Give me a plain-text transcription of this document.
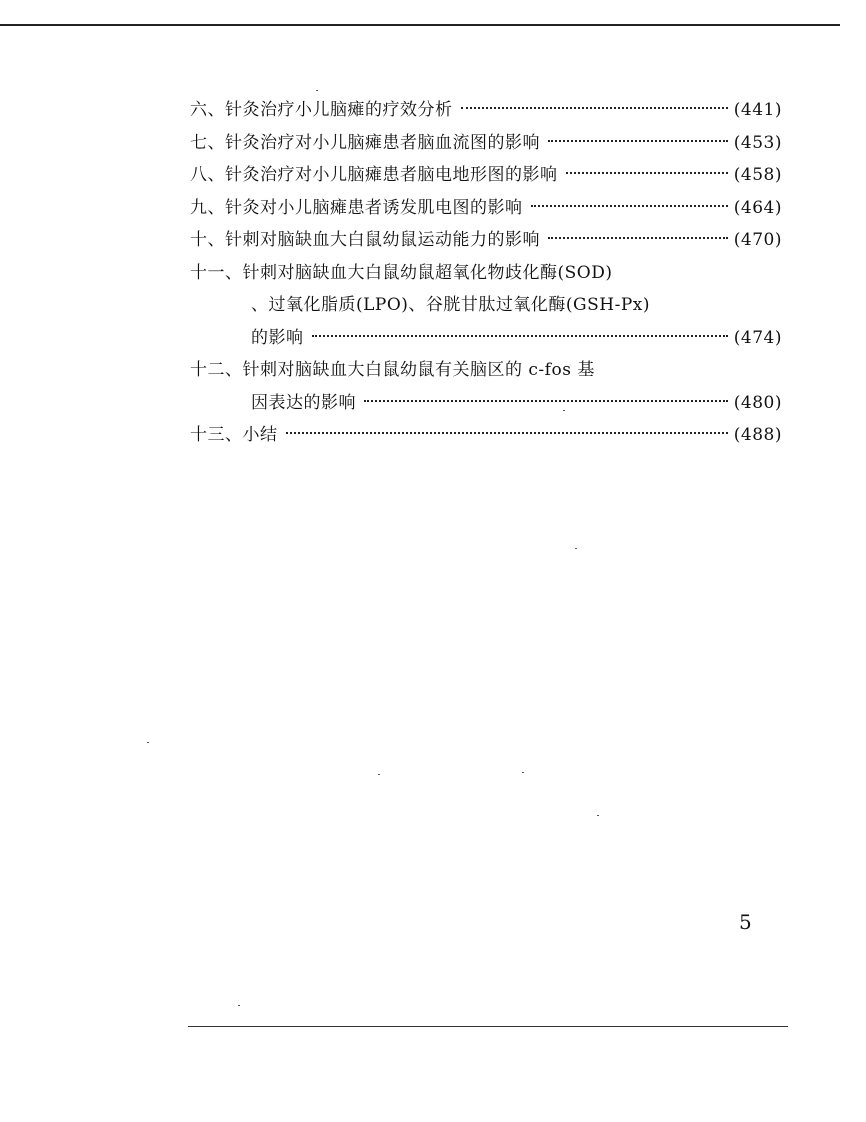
六、针灸治疗小儿脑瘫的疗效分析	(441)
七、针灸治疗对小儿脑瘫患者脑血流图的影响	(453)
八、针灸治疗对小儿脑瘫患者脑电地形图的影响	(458)
九、针灸对小儿脑瘫患者诱发肌电图的影响	(464)
十、针刺对脑缺血大白鼠幼鼠运动能力的影响	(470)
十一、针刺对脑缺血大白鼠幼鼠超氧化物歧化酶(SOD)
、过氧化脂质(LPO)、谷胱甘肽过氧化酶(GSH-Px)
的影响	(474)
十二、针刺对脑缺血大白鼠幼鼠有关脑区的 c-fos 基
因表达的影响	(480)
十三、小结	(488)
5
